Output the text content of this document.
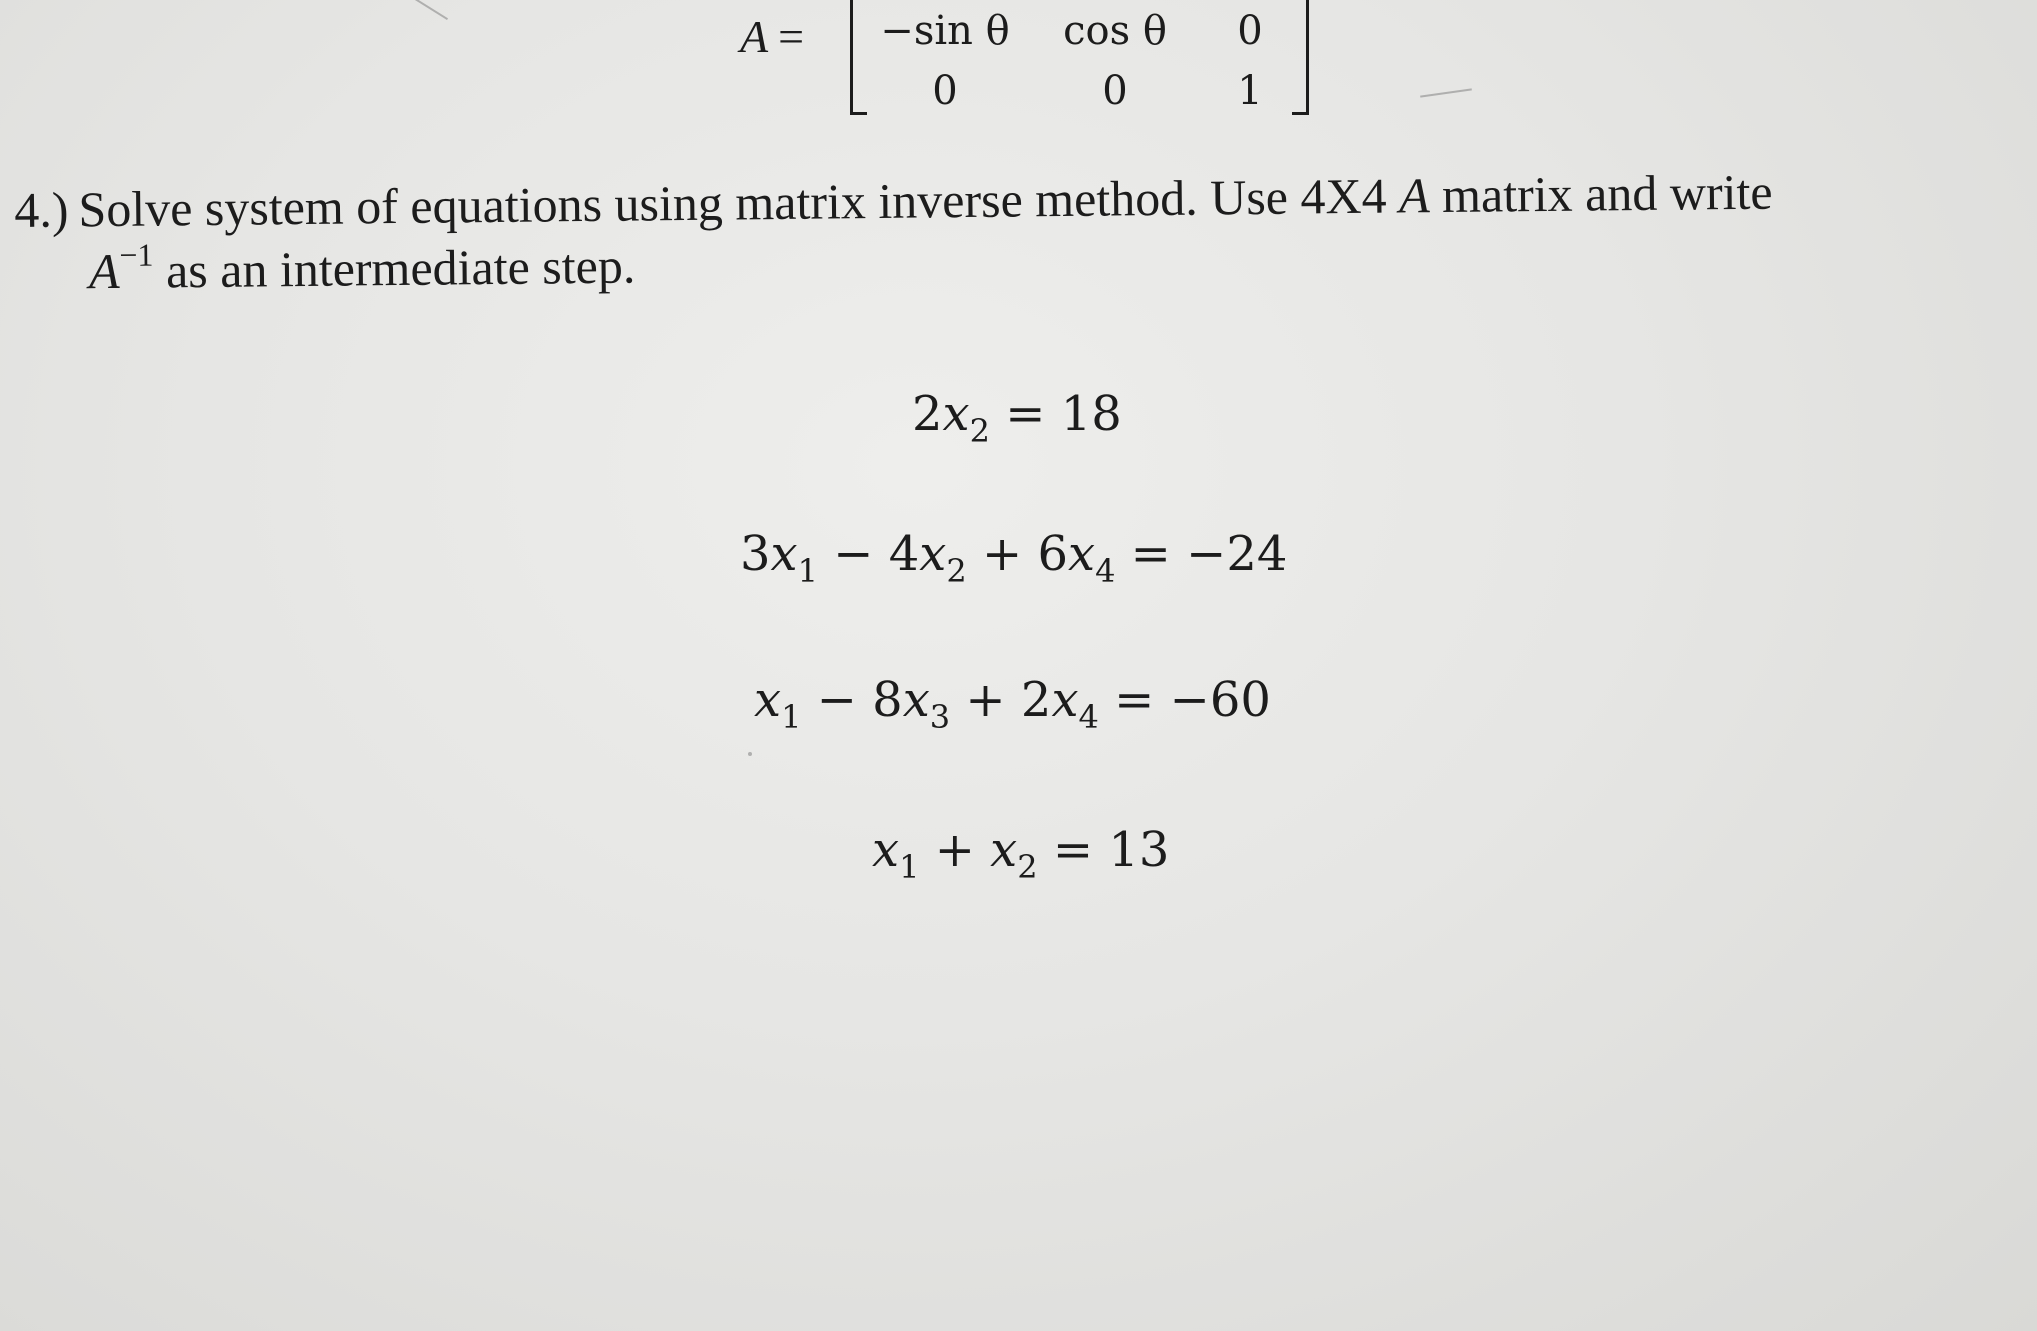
A = −sin θ	cos θ	0
0	0	1
4.) Solve system of equations using matrix inverse method. Use 4X4 A matrix and write
$A^{-1}$ as an intermediate step.
$2x_2 = 18$
$3x_1 - 4x_2 + 6x_4 = -24$
$x_1 - 8x_3 + 2x_4 = -60$
$x_1 + x_2 = 13$
